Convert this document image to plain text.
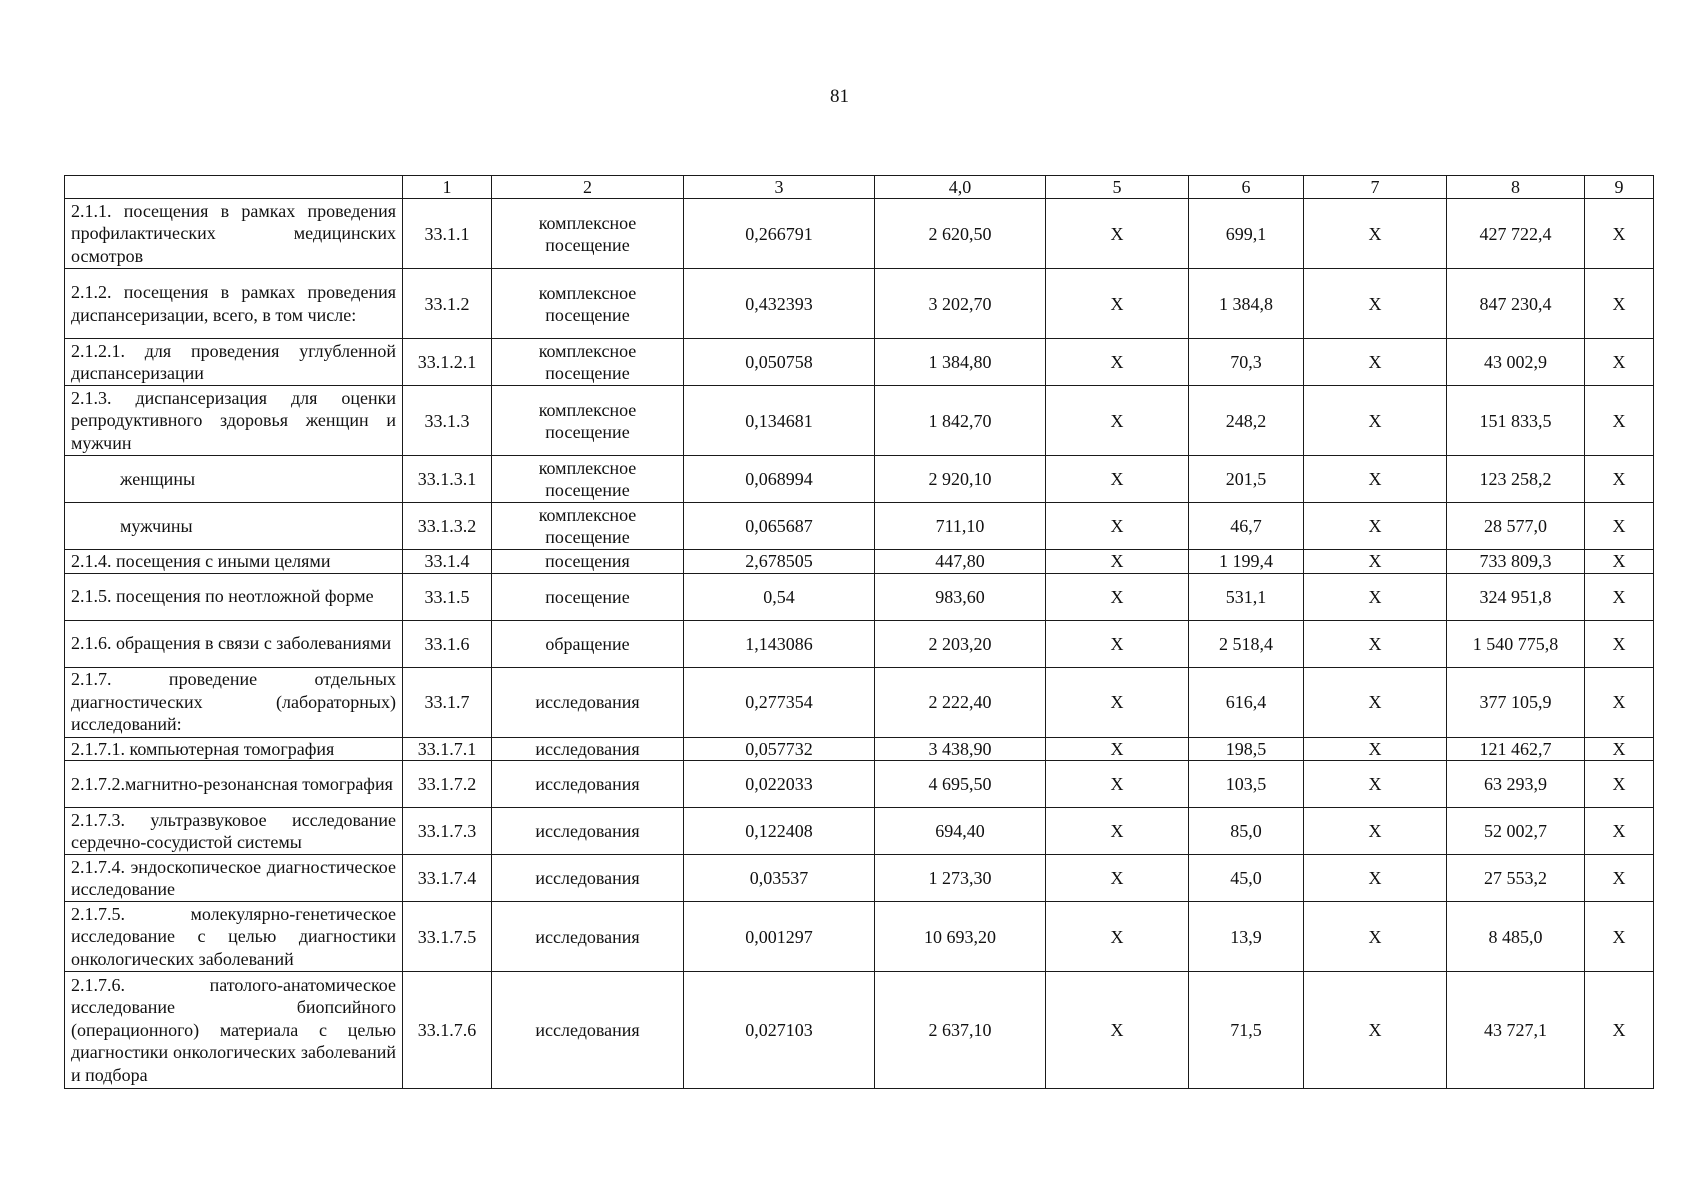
81
	1	2	3	4,0	5	6	7	8	9
2.1.1. посещения в рамках проведения профилактических медицинских осмотров	33.1.1	комплексное посещение	0,266791	2 620,50	X	699,1	X	427 722,4	X
2.1.2. посещения в рамках проведения диспансеризации, всего, в том числе:	33.1.2	комплексное посещение	0,432393	3 202,70	X	1 384,8	X	847 230,4	X
2.1.2.1. для проведения углубленной диспансеризации	33.1.2.1	комплексное посещение	0,050758	1 384,80	X	70,3	X	43 002,9	X
2.1.3. диспансеризация для оценки репродуктивного здоровья женщин и мужчин	33.1.3	комплексное посещение	0,134681	1 842,70	X	248,2	X	151 833,5	X
женщины	33.1.3.1	комплексное посещение	0,068994	2 920,10	X	201,5	X	123 258,2	X
мужчины	33.1.3.2	комплексное посещение	0,065687	711,10	X	46,7	X	28 577,0	X
2.1.4. посещения с иными целями	33.1.4	посещения	2,678505	447,80	X	1 199,4	X	733 809,3	X
2.1.5. посещения по неотложной форме	33.1.5	посещение	0,54	983,60	X	531,1	X	324 951,8	X
2.1.6. обращения в связи с заболеваниями	33.1.6	обращение	1,143086	2 203,20	X	2 518,4	X	1 540 775,8	X
2.1.7. проведение отдельных диагностических (лабораторных) исследований:	33.1.7	исследования	0,277354	2 222,40	X	616,4	X	377 105,9	X
2.1.7.1. компьютерная томография	33.1.7.1	исследования	0,057732	3 438,90	X	198,5	X	121 462,7	X
2.1.7.2.магнитно-резонансная томография	33.1.7.2	исследования	0,022033	4 695,50	X	103,5	X	63 293,9	X
2.1.7.3. ультразвуковое исследование сердечно-сосудистой системы	33.1.7.3	исследования	0,122408	694,40	X	85,0	X	52 002,7	X
2.1.7.4. эндоскопическое диагностическое исследование	33.1.7.4	исследования	0,03537	1 273,30	X	45,0	X	27 553,2	X
2.1.7.5. молекулярно-генетическое исследование с целью диагностики онкологических заболеваний	33.1.7.5	исследования	0,001297	10 693,20	X	13,9	X	8 485,0	X
2.1.7.6. патолого-анатомическое исследование биопсийного (операционного) материала с целью диагностики онкологических заболеваний и подбора	33.1.7.6	исследования	0,027103	2 637,10	X	71,5	X	43 727,1	X
